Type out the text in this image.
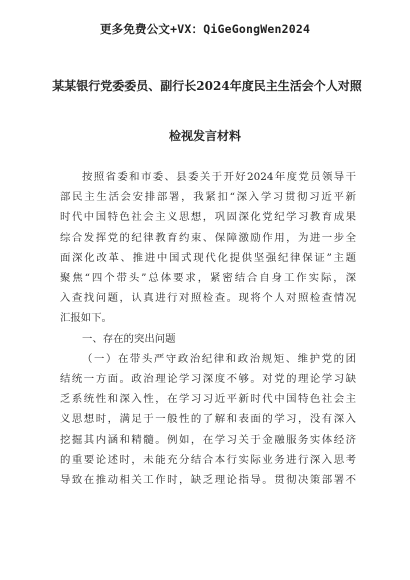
更多免费公文+VX：QiGeGongWen2024
某某银行党委委员、副行长2024年度民主生活会个人对照
检视发言材料
按照省委和市委、县委关于开好2024年度党员领导干
部民主生活会安排部署，我紧扣“深入学习贯彻习近平新
时代中国特色社会主义思想，巩固深化党纪学习教育成果
综合发挥党的纪律教育约束、保障激励作用，为进一步全
面深化改革、推进中国式现代化提供坚强纪律保证”主题
聚焦“四个带头”总体要求，紧密结合自身工作实际，深
入查找问题，认真进行对照检查。现将个人对照检查情况
汇报如下。
一、存在的突出问题
（一）在带头严守政治纪律和政治规矩、维护党的团
结统一方面。政治理论学习深度不够。对党的理论学习缺
乏系统性和深入性，在学习习近平新时代中国特色社会主
义思想时，满足于一般性的了解和表面的学习，没有深入
挖掘其内涵和精髓。例如，在学习关于金融服务实体经济
的重要论述时，未能充分结合本行实际业务进行深入思考
导致在推动相关工作时，缺乏理论指导。贯彻决策部署不
